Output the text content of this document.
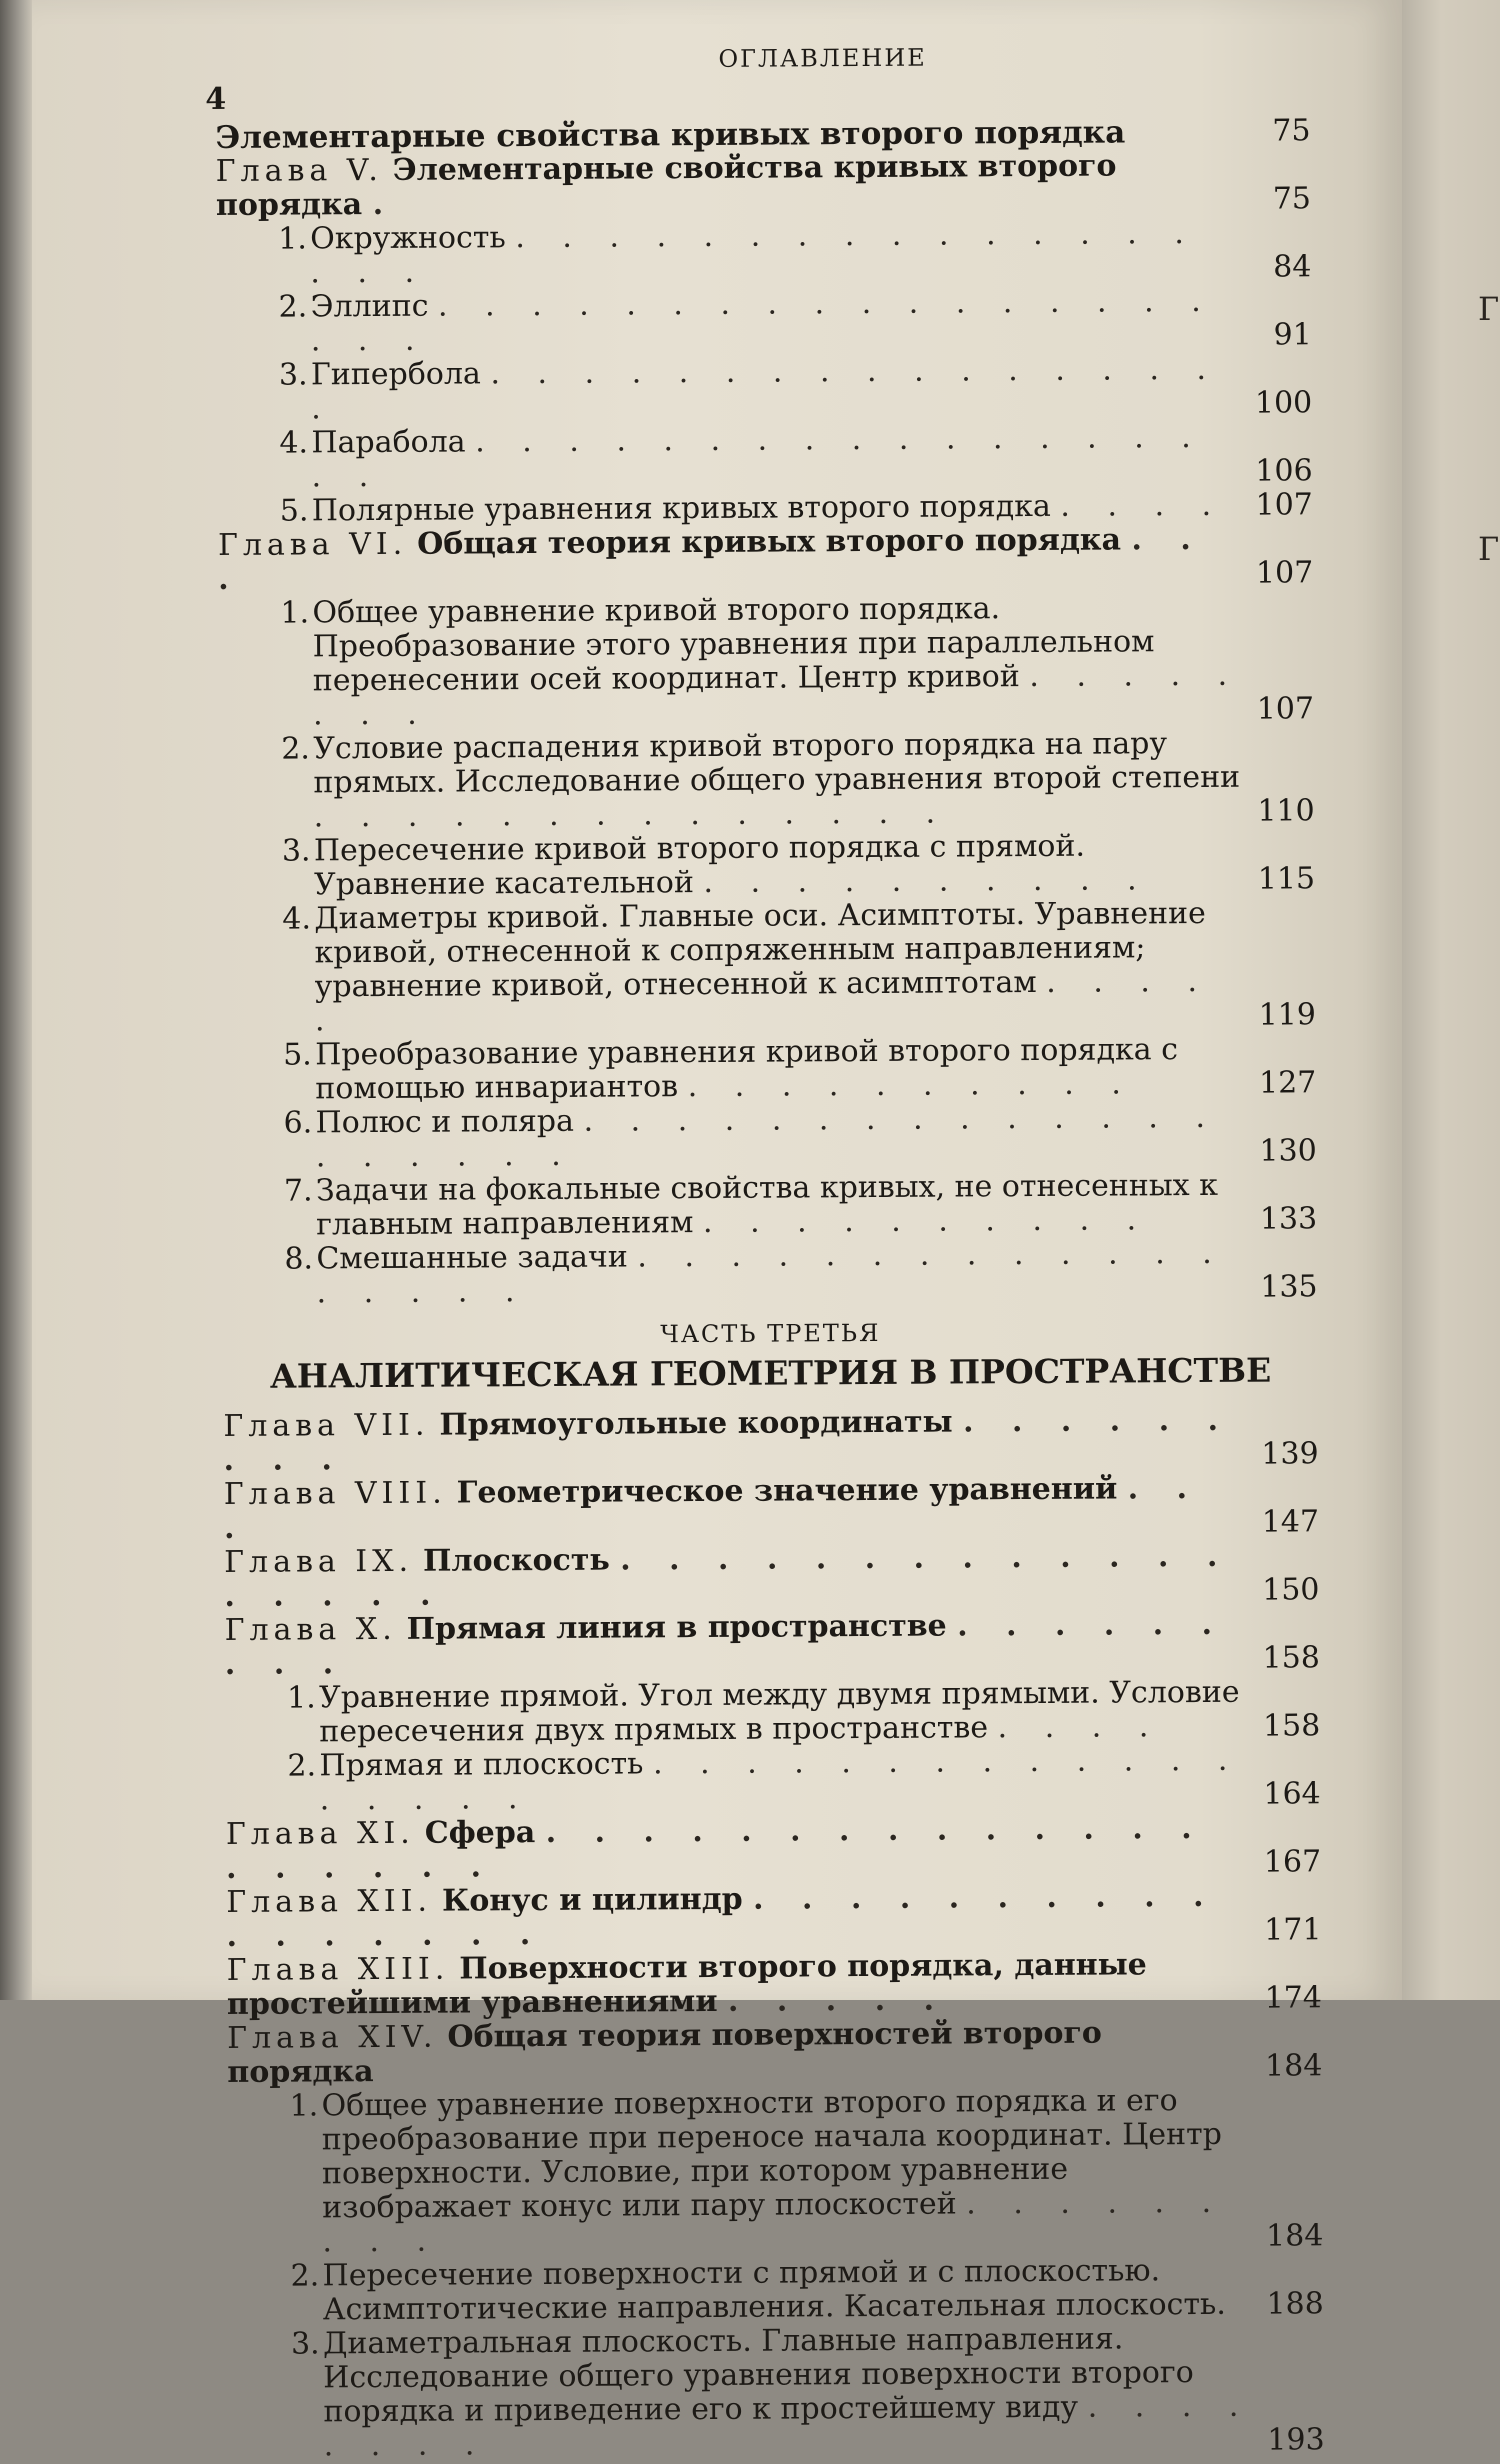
Г
Г
ОГЛАВЛЕНИЕ
4
Элементарные свойства кривых второго порядка	75
Глава V. Элементарные свойства кривых второго порядка .	75
1. Окружность . . . . . . . . . . . . . . . . . .	84
2. Эллипс . . . . . . . . . . . . . . . . . . . .	91
3. Гипербола . . . . . . . . . . . . . . . . .	100
4. Парабола . . . . . . . . . . . . . . . . . .	106
5. Полярные уравнения кривых второго порядка . . . .	107
Глава VI. Общая теория кривых второго порядка . . .	107
1. Общее уравнение кривой второго порядка. Преобразование этого уравнения при параллельном перенесении осей координат. Центр кривой . . . . . . . .	107
2. Условие распадения кривой второго порядка на пару прямых. Исследование общего уравнения второй степени . . . . . . . . . . . . . .	110
3. Пересечение кривой второго порядка с прямой. Уравнение касательной . . . . . . . . . .	115
4. Диаметры кривой. Главные оси. Асимптоты. Уравнение кривой, отнесенной к сопряженным направлениям; уравнение кривой, отнесенной к асимптотам . . . . .	119
5. Преобразование уравнения кривой второго порядка с помощью инвариантов . . . . . . . . . .	127
6. Полюс и поляра . . . . . . . . . . . . . . . . . . . .	130
7. Задачи на фокальные свойства кривых, не отнесенных к главным направлениям . . . . . . . . . .	133
8. Смешанные задачи . . . . . . . . . . . . . . . . . .	135
ЧАСТЬ ТРЕТЬЯ
АНАЛИТИЧЕСКАЯ ГЕОМЕТРИЯ В ПРОСТРАНСТВЕ
Глава VII. Прямоугольные координаты . . . . . . . . .	139
Глава VIII. Геометрическое значение уравнений . . .	147
Глава IX. Плоскость . . . . . . . . . . . . . . . . . .	150
Глава X. Прямая линия в пространстве . . . . . . . . .	158
1. Уравнение прямой. Угол между двумя прямыми. Условие пересечения двух прямых в пространстве . . . .	158
2. Прямая и плоскость . . . . . . . . . . . . . . . . . .	164
Глава XI. Сфера . . . . . . . . . . . . . . . . . . . .	167
Глава XII. Конус и цилиндр . . . . . . . . . . . . . . . . .	171
Глава XIII. Поверхности второго порядка, данные простейшими уравнениями . . . . .	174
Глава XIV. Общая теория поверхностей второго порядка	184
1. Общее уравнение поверхности второго порядка и его преобразование при переносе начала координат. Центр поверхности. Условие, при котором уравнение изображает конус или пару плоскостей . . . . . . . . .	184
2. Пересечение поверхности с прямой и с плоскостью. Асимптотические направления. Касательная плоскость.	188
3. Диаметральная плоскость. Главные направления. Исследование общего уравнения поверхности второго порядка и приведение его к простейшему виду . . . . . . . .	193
